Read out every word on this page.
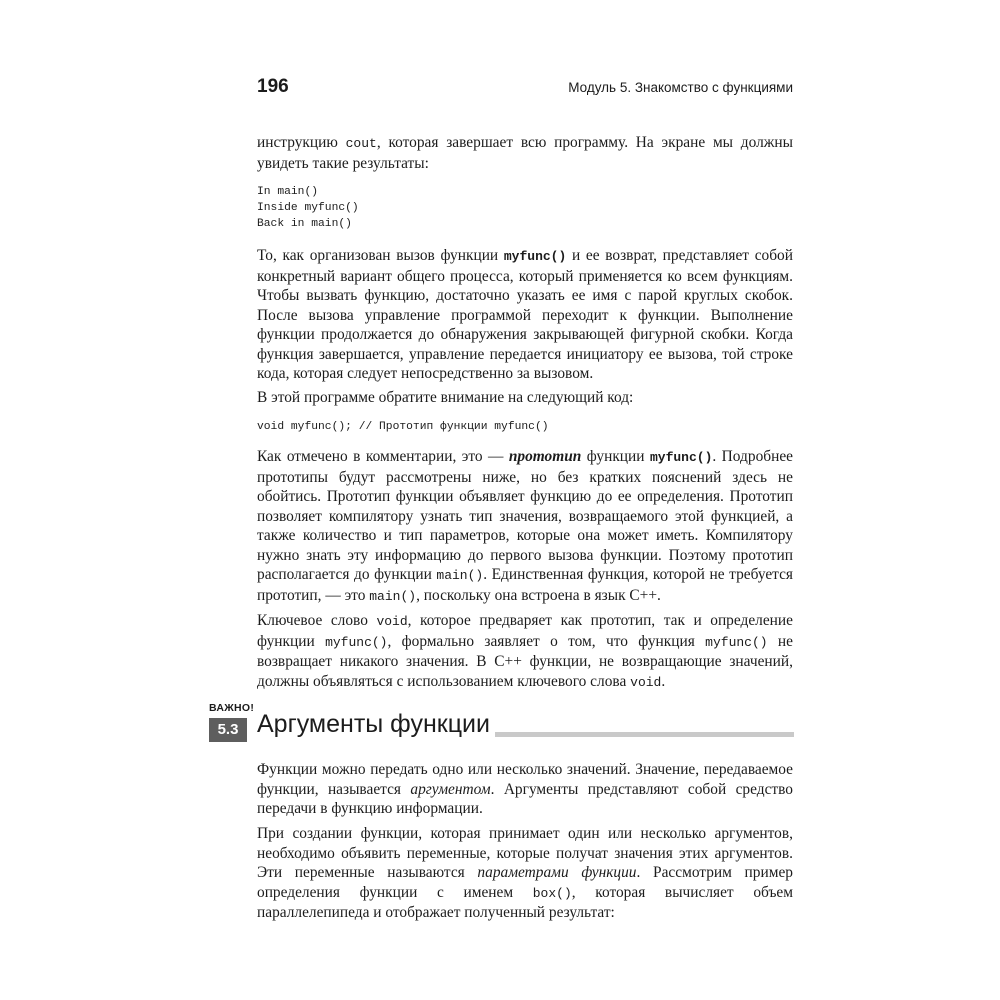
196	Модуль 5. Знакомство с функциями

инструкцию cout, которая завершает всю программу. На экране мы должны увидеть такие результаты:

In main()
Inside myfunc()
Back in main()

То, как организован вызов функции myfunc() и ее возврат, представляет собой конкретный вариант общего процесса, который применяется ко всем функциям. Чтобы вызвать функцию, достаточно указать ее имя с парой круглых скобок. После вызова управление программой переходит к функции. Выполнение функции продолжается до обнаружения закрывающей фигурной скобки. Когда функция завершается, управление передается инициатору ее вызова, той строке кода, которая следует непосредственно за вызовом.

В этой программе обратите внимание на следующий код:

void myfunc(); // Прототип функции myfunc()

Как отмечено в комментарии, это — прототип функции myfunc(). Подробнее прототипы будут рассмотрены ниже, но без кратких пояснений здесь не обойтись. Прототип функции объявляет функцию до ее определения. Прототип позволяет компилятору узнать тип значения, возвращаемого этой функцией, а также количество и тип параметров, которые она может иметь. Компилятору нужно знать эту информацию до первого вызова функции. Поэтому прототип располагается до функции main(). Единственная функция, которой не требуется прототип, — это main(), поскольку она встроена в язык C++.

Ключевое слово void, которое предваряет как прототип, так и определение функции myfunc(), формально заявляет о том, что функция myfunc() не возвращает никакого значения. В C++ функции, не возвращающие значений, должны объявляться с использованием ключевого слова void.

ВАЖНО!
5.3 Аргументы функции

Функции можно передать одно или несколько значений. Значение, передаваемое функции, называется аргументом. Аргументы представляют собой средство передачи в функцию информации.

При создании функции, которая принимает один или несколько аргументов, необходимо объявить переменные, которые получат значения этих аргументов. Эти переменные называются параметрами функции. Рассмотрим пример определения функции с именем box(), которая вычисляет объем параллелепипеда и отображает полученный результат:
